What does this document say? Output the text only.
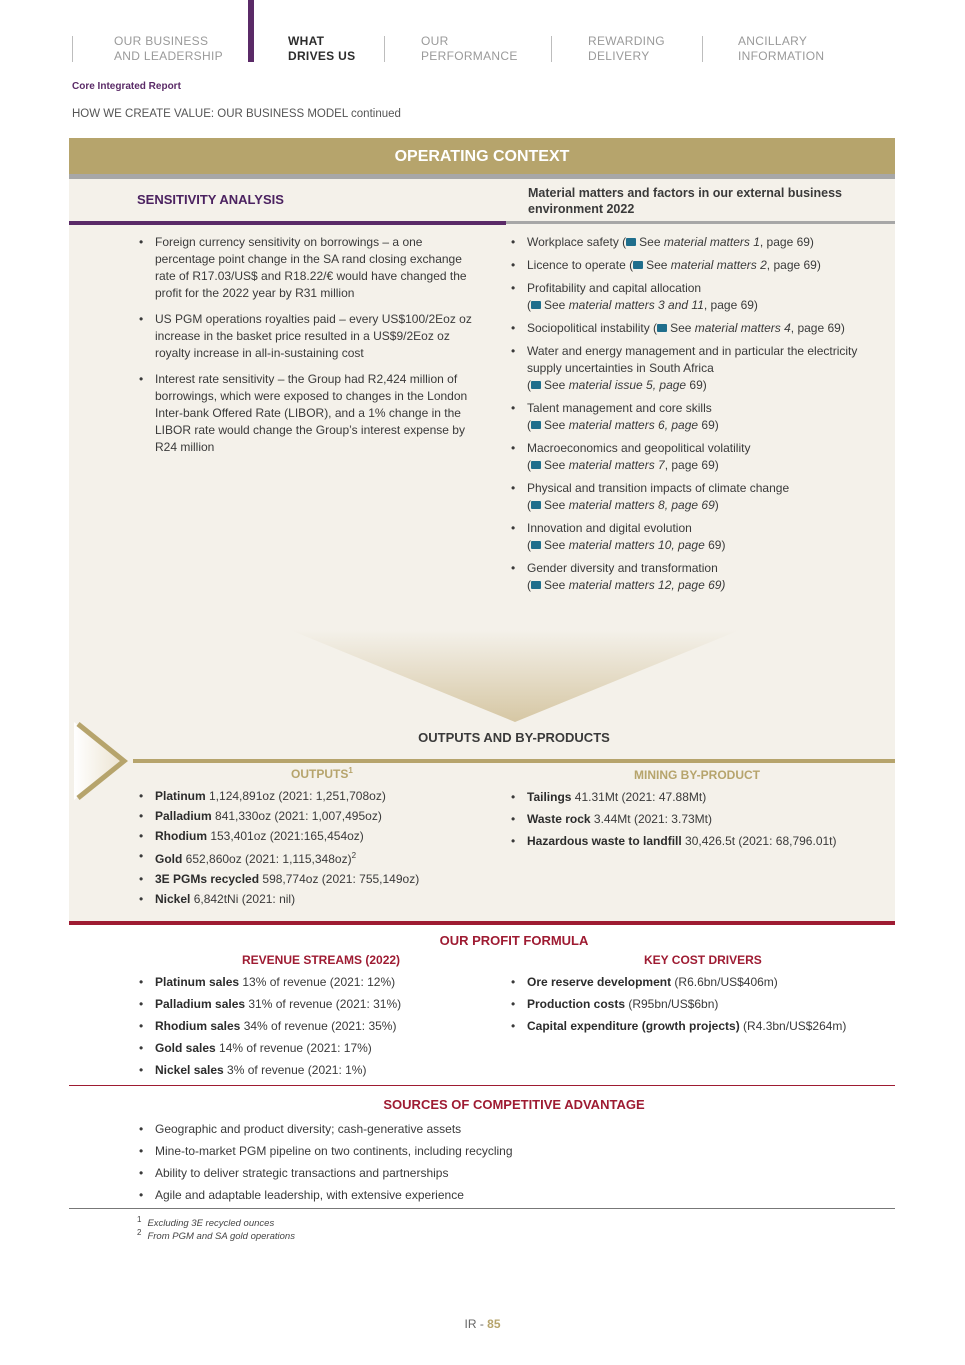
OUR BUSINESS
AND LEADERSHIP
WHAT
DRIVES US
OUR
PERFORMANCE
REWARDING
DELIVERY
ANCILLARY
INFORMATION
Core Integrated Report
HOW WE CREATE VALUE: OUR BUSINESS MODEL continued
OPERATING CONTEXT
SENSITIVITY ANALYSIS	Material matters and factors in our external business environment 2022
• Foreign currency sensitivity on borrowings – a one percentage point change in the SA rand closing exchange rate of R17.03/US$ and R18.22/€ would have changed the profit for the 2022 year by R31 million
• US PGM operations royalties paid – every US$100/2Eoz oz increase in the basket price resulted in a US$9/2Eoz oz royalty increase in all-in-sustaining cost
• Interest rate sensitivity – the Group had R2,424 million of borrowings, which were exposed to changes in the London Inter-bank Offered Rate (LIBOR), and a 1% change in the LIBOR rate would change the Group’s interest expense by R24 million
• Workplace safety ( See material matters 1, page 69)
• Licence to operate ( See material matters 2, page 69)
• Profitability and capital allocation
( See material matters 3 and 11, page 69)
• Sociopolitical instability ( See material matters 4, page 69)
• Water and energy management and in particular the electricity supply uncertainties in South Africa
( See material issue 5, page 69)
• Talent management and core skills
( See material matters 6, page 69)
• Macroeconomics and geopolitical volatility
( See material matters 7, page 69)
• Physical and transition impacts of climate change
( See material matters 8, page 69)
• Innovation and digital evolution
( See material matters 10, page 69)
• Gender diversity and transformation
( See material matters 12, page 69)
OUTPUTS AND BY-PRODUCTS
OUTPUTS$^1$	MINING BY-PRODUCT
• Platinum 1,124,891oz (2021: 1,251,708oz)
• Palladium 841,330oz (2021: 1,007,495oz)
• Rhodium 153,401oz (2021:165,454oz)
• Gold 652,860oz (2021: 1,115,348oz)$^2$
• 3E PGMs recycled 598,774oz (2021: 755,149oz)
• Nickel 6,842tNi (2021: nil)
• Tailings 41.31Mt (2021: 47.88Mt)
• Waste rock 3.44Mt (2021: 3.73Mt)
• Hazardous waste to landfill 30,426.5t (2021: 68,796.01t)
OUR PROFIT FORMULA
REVENUE STREAMS (2022)	KEY COST DRIVERS
• Platinum sales 13% of revenue (2021: 12%)
• Palladium sales 31% of revenue (2021: 31%)
• Rhodium sales 34% of revenue (2021: 35%)
• Gold sales 14% of revenue (2021: 17%)
• Nickel sales 3% of revenue (2021: 1%)
• Ore reserve development (R6.6bn/US$406m)
• Production costs (R95bn/US$6bn)
• Capital expenditure (growth projects) (R4.3bn/US$264m)
SOURCES OF COMPETITIVE ADVANTAGE
• Geographic and product diversity; cash-generative assets
• Mine-to-market PGM pipeline on two continents, including recycling
• Ability to deliver strategic transactions and partnerships
• Agile and adaptable leadership, with extensive experience
$^1$ Excluding 3E recycled ounces
$^2$ From PGM and SA gold operations
IR - 85
